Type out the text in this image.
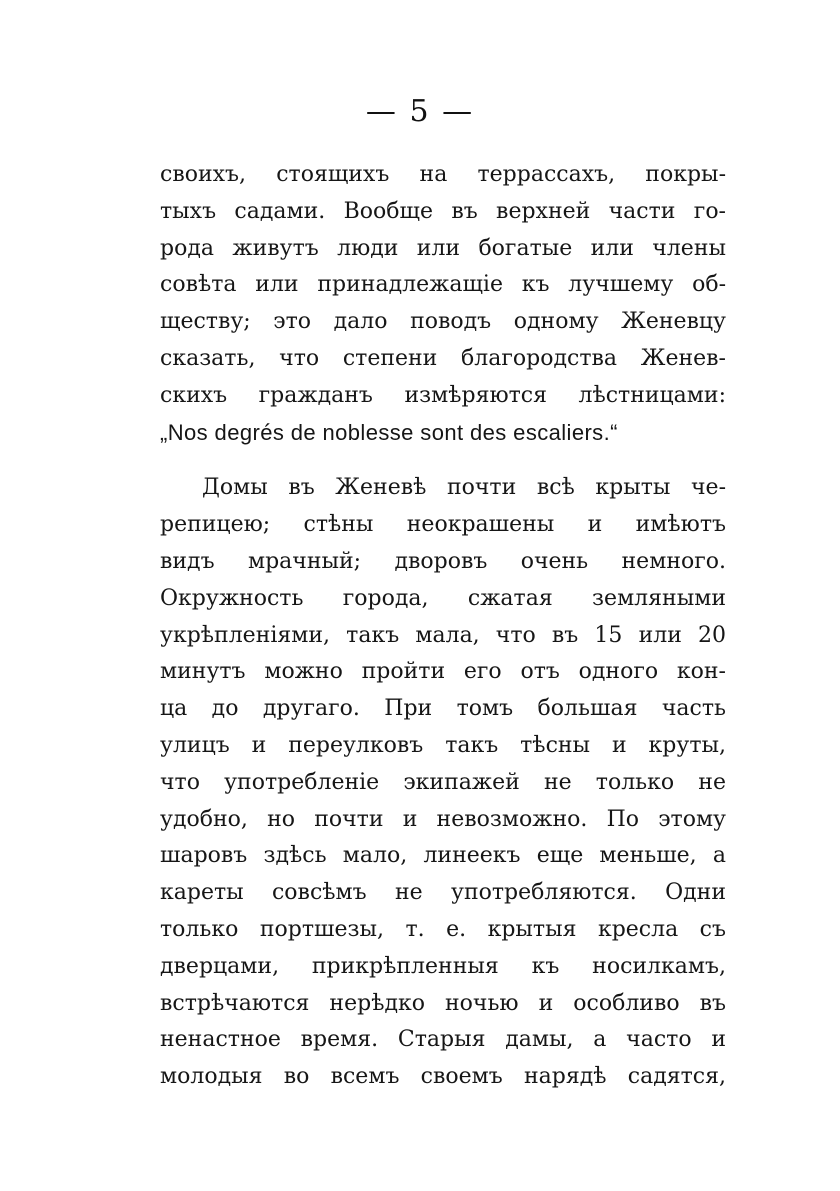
— 5 —
своихъ, стоящихъ на террассахъ, покры-
тыхъ садами. Вообще въ верхней части го-
рода живутъ люди или богатые или члены
совѣта или принадлежащіе къ лучшему об-
ществу; это дало поводъ одному Женевцу
сказать, что степени благородства Женев-
скихъ гражданъ измѣряются лѣстницами:
„Nos degrés de noblesse sont des escaliers.“
Домы въ Женевѣ почти всѣ крыты че-
репицею; стѣны неокрашены и имѣютъ
видъ мрачный; дворовъ очень немного.
Окружность города, сжатая земляными
укрѣпленіями, такъ мала, что въ 15 или 20
минутъ можно пройти его отъ одного кон-
ца до другаго. При томъ большая часть
улицъ и переулковъ такъ тѣсны и круты,
что употребленіе экипажей не только не
удобно, но почти и невозможно. По этому
шаровъ здѣсь мало, линеекъ еще меньше, а
кареты совсѣмъ не употребляются. Одни
только портшезы, т. е. крытыя кресла съ
дверцами, прикрѣпленныя къ носилкамъ,
встрѣчаются нерѣдко ночью и особливо въ
ненастное время. Старыя дамы, а часто и
молодыя во всемъ своемъ нарядѣ садятся,
